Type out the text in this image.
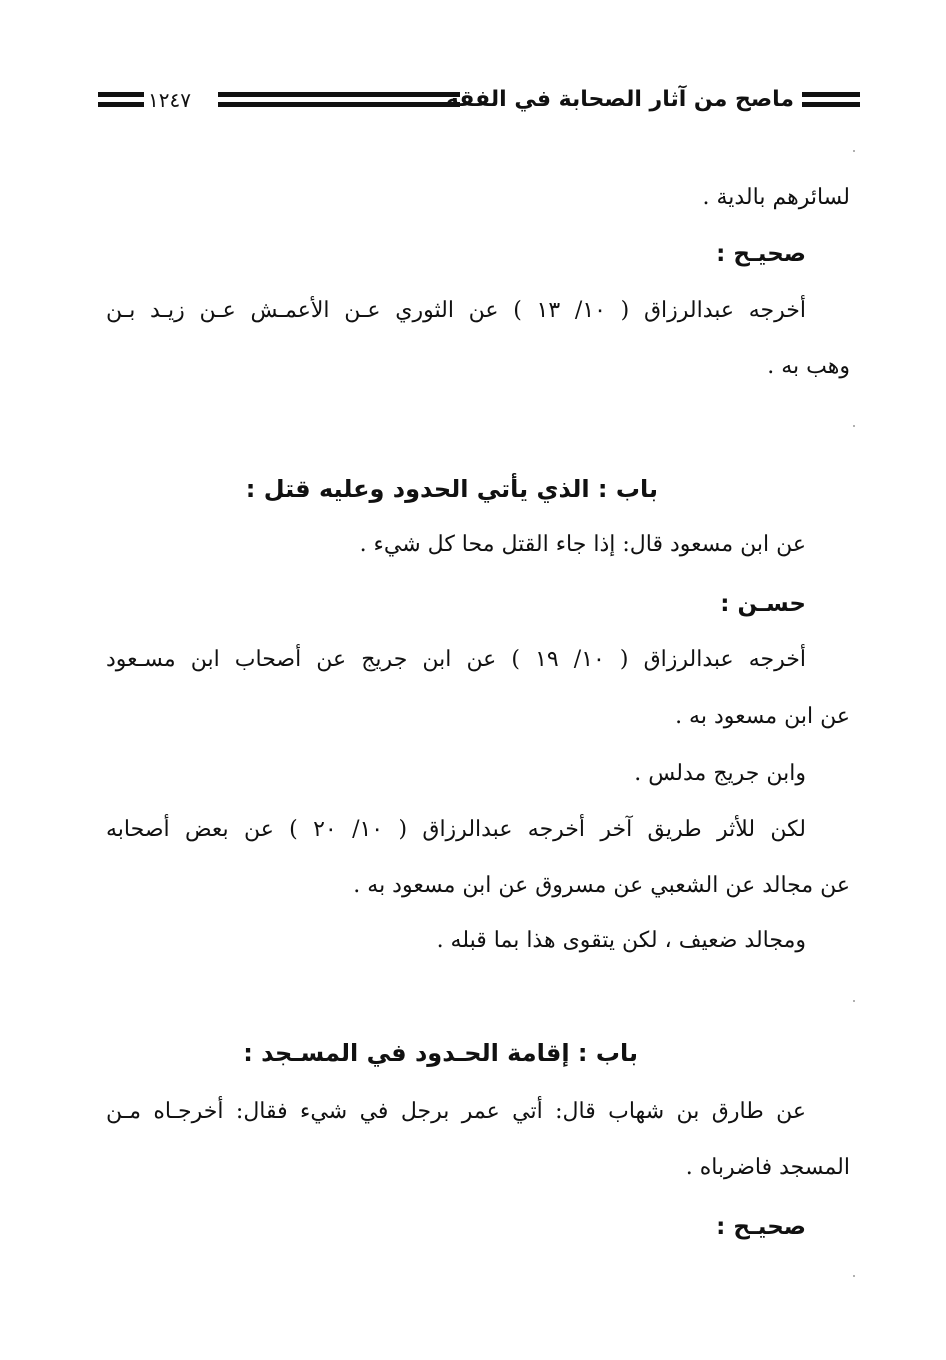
ماصح من آثار الصحابة في الفقه
١٢٤٧
لسائرهم بالدية .
صحيـح :
أخرجه عبدالرزاق ( ١٠/ ١٣ ) عن الثوري عـن الأعمـش عـن زيـد بـن
وهب به .
باب : الذي يأتي الحدود وعليه قتل :
عن ابن مسعود قال: إذا جاء القتل محا كل شيء .
حسـن :
أخرجه عبدالرزاق ( ١٠/ ١٩ ) عن ابن جريج عن أصحاب ابن مسـعود
عن ابن مسعود به .
وابن جريج مدلس .
لكن للأثر طريق آخر أخرجه عبدالرزاق ( ١٠/ ٢٠ ) عن بعض أصحابه
عن مجالد عن الشعبي عن مسروق عن ابن مسعود به .
ومجالد ضعيف ، لكن يتقوى هذا بما قبله .
باب : إقامة الحـدود في المسـجد :
عن طارق بن شهاب قال: أتي عمر برجل في شيء فقال: أخرجـاه مـن
المسجد فاضرباه .
صحيـح :
